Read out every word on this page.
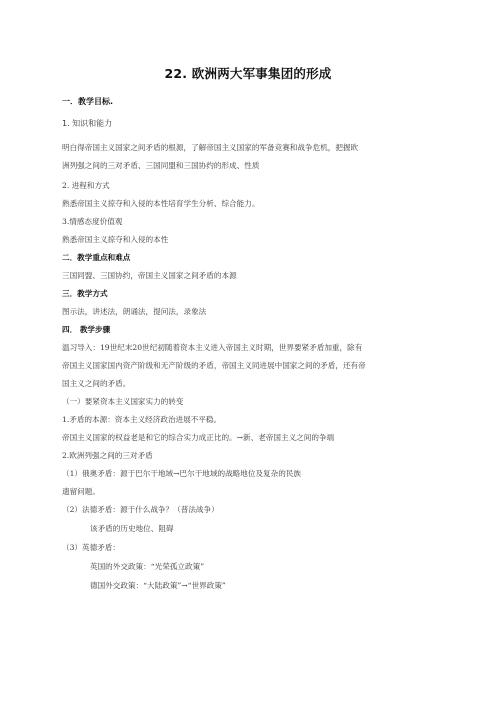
22. 欧洲两大军事集团的形成
一．教学目标.
1. 知识和能力
明白得帝国主义国家之间矛盾的根源，了解帝国主义国家的军备竞赛和战争危机，把握欧
洲列强之间的三对矛盾、三国同盟和三国协约的形成、性质
2. 进程和方式
熟悉帝国主义掠夺和入侵的本性培育学生分析、综合能力。
3.情感态度价值观
熟悉帝国主义掠夺和入侵的本性
二．教学重点和难点
三国同盟、三国协约，帝国主义国家之间矛盾的本源
三．教学方式
图示法，讲述法，朗诵法，提问法，录象法
四． 教学步骤
温习导入：19世纪末20世纪初随着资本主义进入帝国主义时期，世界要紧矛盾加重，除有
帝国主义国家国内资产阶级和无产阶级的矛盾，帝国主义同进展中国家之间的矛盾，还有帝
国主义之间的矛盾。
（一）要紧资本主义国家实力的转变
1.矛盾的本源：资本主义经济政治进展不平稳。
帝国主义国家的权益老是和它的综合实力成正比的。→新、老帝国主义之间的争端
2.欧洲列强之间的三对矛盾
（1）俄奥矛盾：源于巴尔干地域→巴尔干地域的战略地位及复杂的民族
遗留问题。
（2）法德矛盾：源于什么战争？（普法战争）
该矛盾的历史地位、阻碍
（3）英德矛盾：
英国的外交政策：“光荣孤立政策”
德国外交政策：“大陆政策”→“世界政策”
